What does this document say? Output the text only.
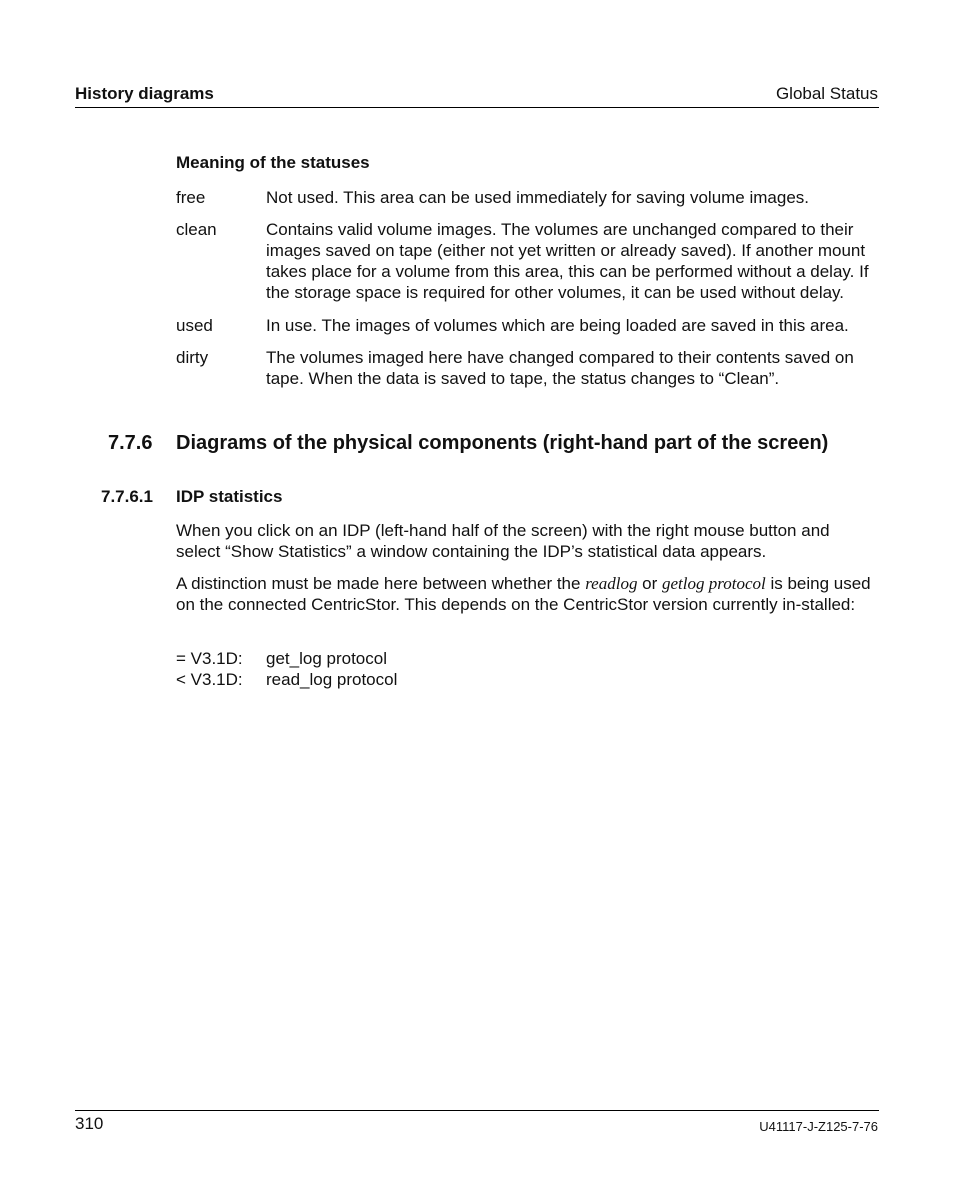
History diagrams	Global Status
Meaning of the statuses
free	Not used. This area can be used immediately for saving volume images.
clean	Contains valid volume images. The volumes are unchanged compared to their images saved on tape (either not yet written or already saved). If another mount takes place for a volume from this area, this can be performed without a delay. If the storage space is required for other volumes, it can be used without delay.
used	In use. The images of volumes which are being loaded are saved in this area.
dirty	The volumes imaged here have changed compared to their contents saved on tape. When the data is saved to tape, the status changes to “Clean”.
7.7.6 Diagrams of the physical components (right-hand part of the screen)
7.7.6.1 IDP statistics
When you click on an IDP (left-hand half of the screen) with the right mouse button and select “Show Statistics” a window containing the IDP’s statistical data appears.
A distinction must be made here between whether the readlog or getlog protocol is being used on the connected CentricStor. This depends on the CentricStor version currently in-stalled:
= V3.1D: get_log protocol
< V3.1D: read_log protocol
310	U41117-J-Z125-7-76
